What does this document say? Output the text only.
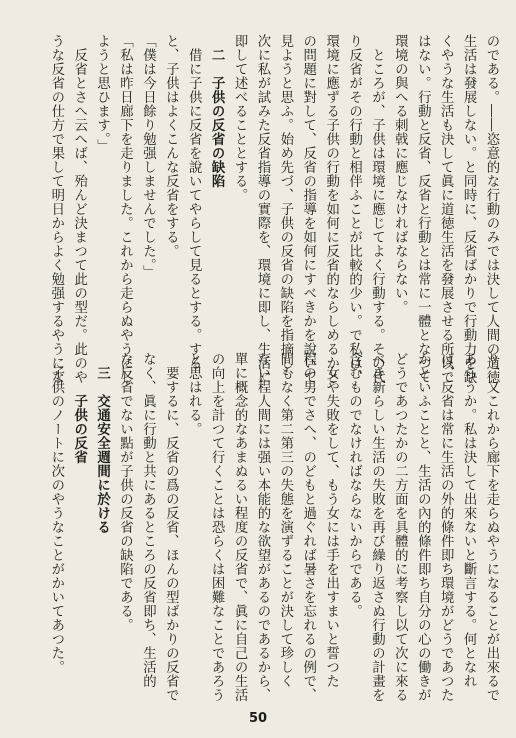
のである。――恣意的な行動のみでは決して人間の道徳
生活は發展しない。と同時に、反省ばかりで行動力を缺
くやうな生活も決して眞に道徳生活を發展させる所以で
はない。行動と反省、反省と行動とは常に一體となつて
環境の與へる刺戟に應じなければならない。
　ところが、子供は環境に應じてよく行動する。その代
り反省がその行動と相伴ふことが比較的少い。で私は、
環境に應ずる子供の行動を如何に反省的ならしめるかと
の問題に對して、反省の指導を如何にすべきかを說いて
見ようと思ふ。始め先づ、子供の反省の缺陷を指摘し、
次に私が試みた反省指導の實際を、環境に即し、生活に
即して述べることとする。
　二　子供の反省の缺陷
　借に子供に反省を說いてやらして見るとする。する
と、子供はよくこんな反省をする。
「僕は今日餘り勉强しませんでした。」
「私は昨日廊下を走りました。これから走らぬやうにし
ようと思ひます。」
　反省とさへ云へば、殆んど決まつて此の型だ。此のや
うな反省の仕方で果して明日からよく勉强するやうにな
り、又これから廊下を走らぬやうになることが出來るで
あらうか。私は決して出來ないと斷言する。何となれ
ば、反省は常に生活の外的條件即ち環境がどうであつた
かといふことと、生活の內的條件即ち自分の心の働きが
どうであつたかの二方面を具體的に考察し以て次に來る
べき新らしい生活の失敗を再び繰り返さぬ行動の計畫を
含むものでなければならないからである。
　女や失敗をして、もう女には手を出すまいと誓つた
程の男でさへ、のどもと過ぐれば暑さを忘れるの例で、
間もなく第二第三の失態を演ずることが決して珍しく
ない程人間には强い本能的な欲望があるのであるから、
單に概念的なあまぬるい程度の反省で、眞に自己の生活
の向上を計つて行くことは恐らくは困難なことであろう
と思はれる。
　要するに、反省の爲の反省、ほんの型ばかりの反省で
なく、眞に行動と共にあるところの反省即ち、生活的
な反省でない點が子供の反省の缺陷である。
　三　交通安全週間に於ける
　　　子供の反省
　子供のノートに次のやうなことがかいてあつた。
50
